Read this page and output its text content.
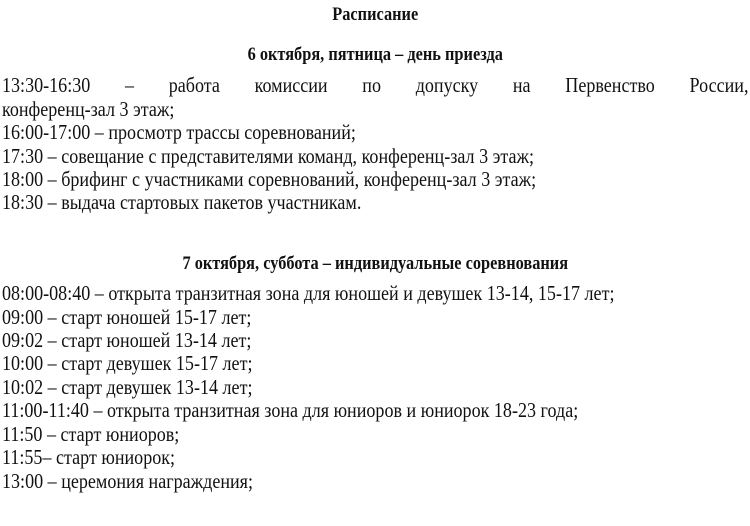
Расписание
6 октября, пятница – день приезда
13:30-16:30 – работа комиссии по допуску на Первенство России,
конференц-зал 3 этаж;
16:00-17:00 – просмотр трассы соревнований;
17:30 – совещание с представителями команд, конференц-зал 3 этаж;
18:00 – брифинг с участниками соревнований, конференц-зал 3 этаж;
18:30 – выдача стартовых пакетов участникам.
7 октября, суббота – индивидуальные соревнования
08:00-08:40 – открыта транзитная зона для юношей и девушек 13-14, 15-17 лет;
09:00 – старт юношей 15-17 лет;
09:02 – старт юношей 13-14 лет;
10:00 – старт девушек 15-17 лет;
10:02 – старт девушек 13-14 лет;
11:00-11:40 – открыта транзитная зона для юниоров и юниорок 18-23 года;
11:50 – старт юниоров;
11:55– старт юниорок;
13:00 – церемония награждения;
